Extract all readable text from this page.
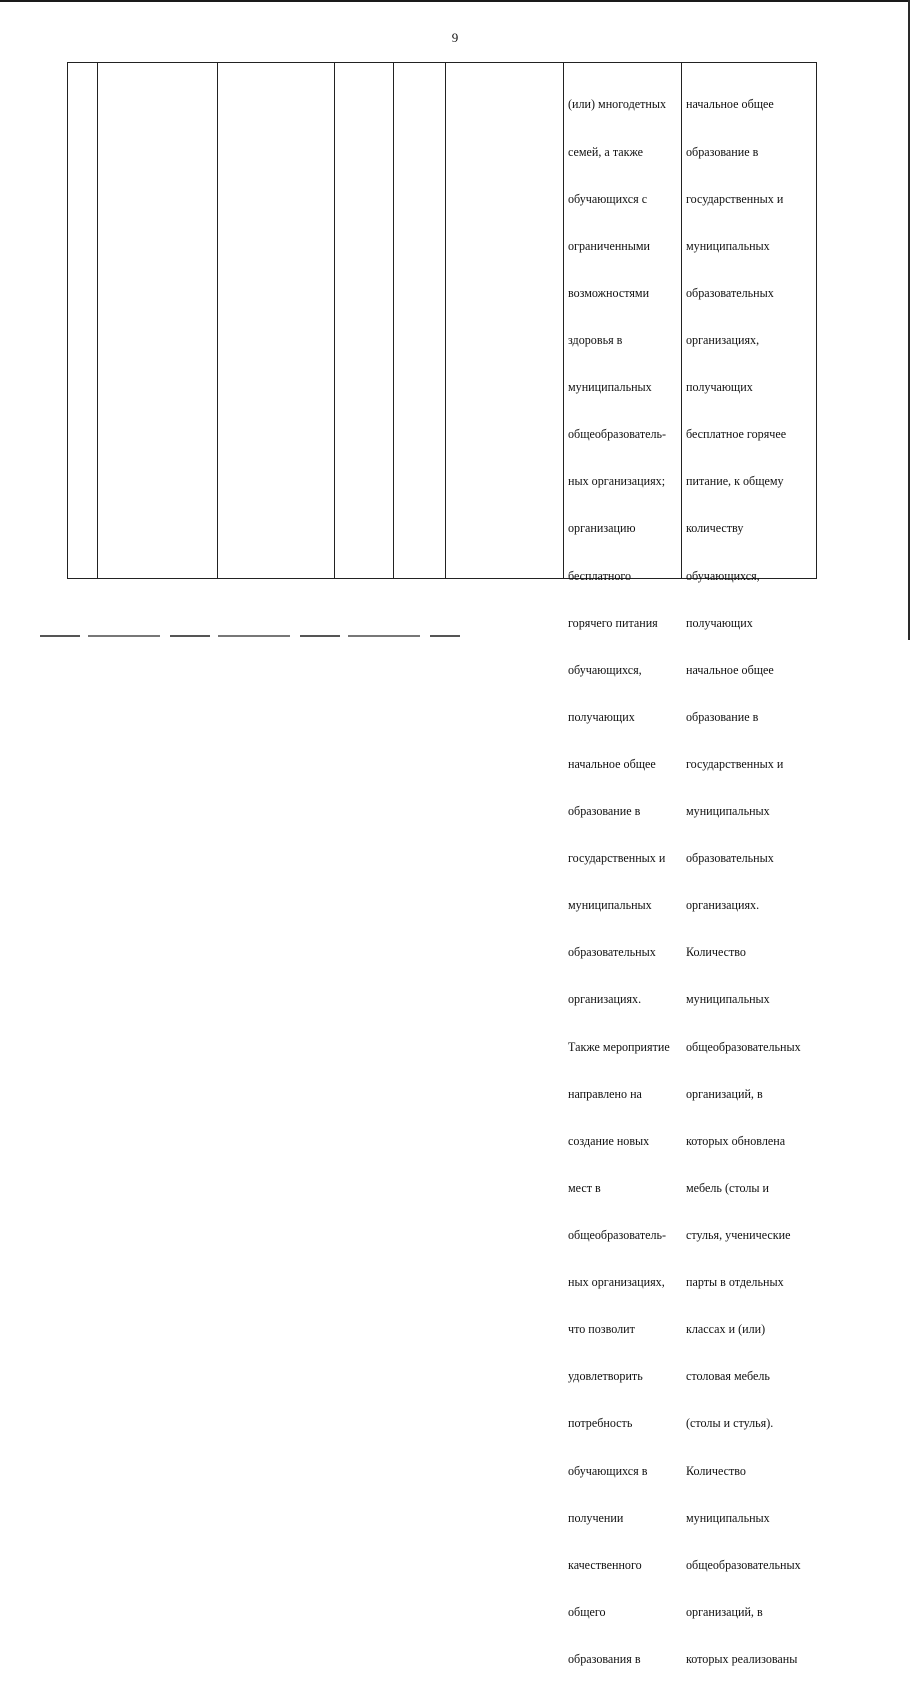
9

(или) многодетных

семей, а также

обучающихся с

ограниченными

возможностями

здоровья в

муниципальных

общеобразователь-

ных организациях;

организацию

бесплатного

горячего питания

обучающихся,

получающих

начальное общее

образование в

государственных и

муниципальных

образовательных

организациях.

Также мероприятие

направлено на

создание новых

мест в

общеобразователь-

ных организациях,

что позволит

удовлетворить

потребность

обучающихся в

получении

качественного

общего

образования в

начальное общее

образование в

государственных и

муниципальных

образовательных

организациях,

получающих

бесплатное горячее

питание, к общему

количеству

обучающихся,

получающих

начальное общее

образование в

государственных и

муниципальных

образовательных

организациях.

Количество

муниципальных

общеобразовательных

организаций, в

которых обновлена

мебель (столы и

стулья, ученические

парты в отдельных

классах и (или)

столовая мебель

(столы и стулья).

Количество

муниципальных

общеобразовательных

организаций, в

которых реализованы
